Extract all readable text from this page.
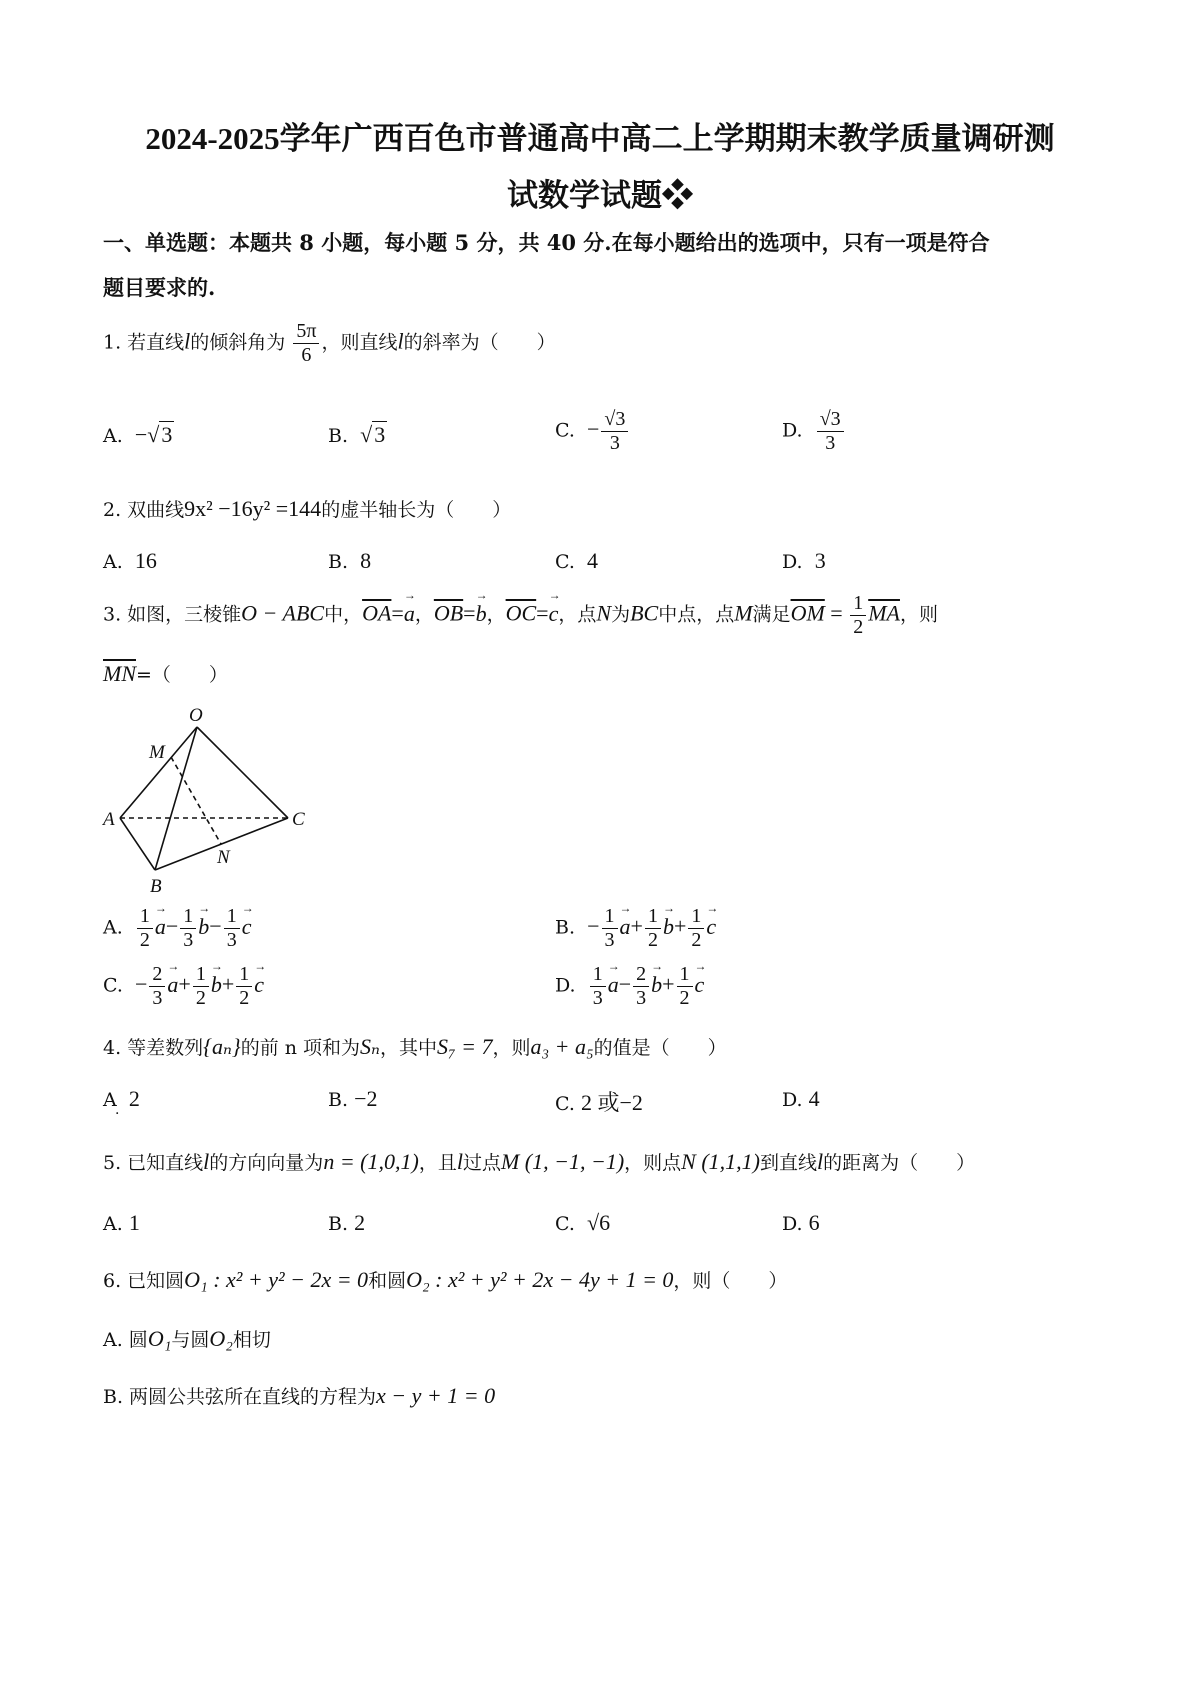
2024-2025学年广西百色市普通高中高二上学期期末教学质量调研测
试数学试题❖
一、单选题：本题共 8 小题，每小题 5 分，共 40 分.在每小题给出的选项中，只有一项是符合
题目要求的.
1. 若直线l的倾斜角为 $\frac{5\pi}{6}$ ，则直线l的斜率为（　　）
A. −√3	B. √3	C. − $\frac{√3}{3}$	D. $\frac{√3}{3}$
2. 双曲线9x² −16y² =144的虚半轴长为（　　）
A. 16	B. 8	C. 4	D. 3
3. 如图，三棱锥O − ABC中，$\overline{OA}=a$
→
，$\overline{OB}=b$
→
，$\overline{OC}=c$
→
，点N为BC中点，点M满足$\overline{OM} = \frac{1}{2} \overline{MA}$，则
$\overline{MN}=$（　　）
O
M
A	C
N
B
A. $\frac{1}{2}$ a
→
− $\frac{1}{3}$ b
→
− $\frac{1}{3}$ c
→
B. − $\frac{1}{3}$ a
→
+ $\frac{1}{2}$ b
→
+ $\frac{1}{2}$ c
→
C. − $\frac{2}{3}$ a
→
+ $\frac{1}{2}$ b
→
+ $\frac{1}{2}$ c
→
D. $\frac{1}{3}$ a
→
− $\frac{2}{3}$ b
→
+ $\frac{1}{2}$ c
→
4. 等差数列{aₙ}的前 n 项和为Sₙ，其中S₇ = 7，则a₃ + a₅的值是（　　）
A 2
·
B. −2	C. 2 或−2	D. 4
5. 已知直线l的方向向量为n = (1,0,1)，且l过点M (1, −1, −1)，则点N (1,1,1)到直线l的距离为（　　）
A. 1	B. 2	C. √6	D. 6
6. 已知圆O₁ : x² + y² − 2x = 0和圆O₂ : x² + y² + 2x − 4y + 1 = 0，则（　　）
A. 圆O₁与圆O₂相切
B. 两圆公共弦所在直线的方程为x − y + 1 = 0
